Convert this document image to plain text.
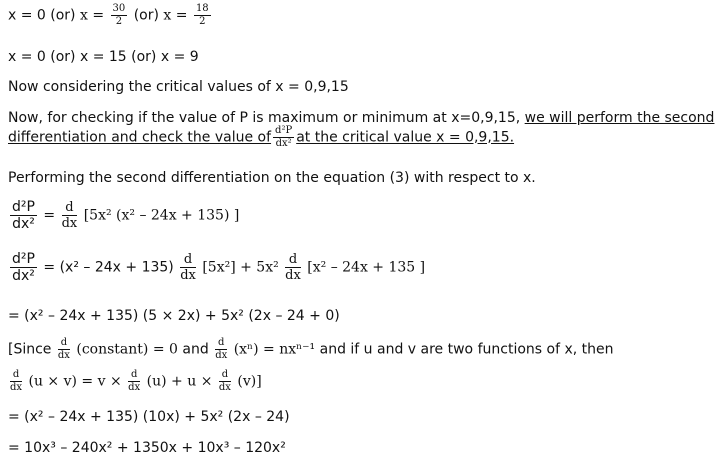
x = 0 (or) $x = \frac{30}{2} (or) x = \frac{18}{2}$
x = 0 (or) x = 15 (or) x = 9
Now considering the critical values of x = 0,9,15
Now, for checking if the value of P is maximum or minimum at x=0,9,15, we will perform the second
differentiation and check the value of $\frac{\text{d²P}}{\text{dx²}}$ at the critical value x = 0,9,15.
Performing the second differentiation on the equation (3) with respect to x.
$\frac{\text{d²P}}{\text{dx²}} = \frac{d}{dx} [5x^2$ (x² – 24x + 135) ]
$\frac{\text{d²P}}{\text{dx²}} = (x^2 - 24x + 135) \frac{d}{dx} [5x^2] + 5x^2 \frac{d}{dx} [x^2 - 24x + 135$ ]
= (x² – 24x + 135) (5 × 2x) + 5x² (2x – 24 + 0)
[Since $\frac{d}{dx}$ (constant) = 0 and $\frac{d}{dx} (x^n) = nx^{n-1}$ and if u and v are two functions of x, then
$\frac{d}{dx} (u \times v) = v \times \frac{d}{dx} (u) + u \times \frac{d}{dx} (v)$]
= (x² – 24x + 135) (10x) + 5x² (2x – 24)
= 10x³ – 240x² + 1350x + 10x³ – 120x²
